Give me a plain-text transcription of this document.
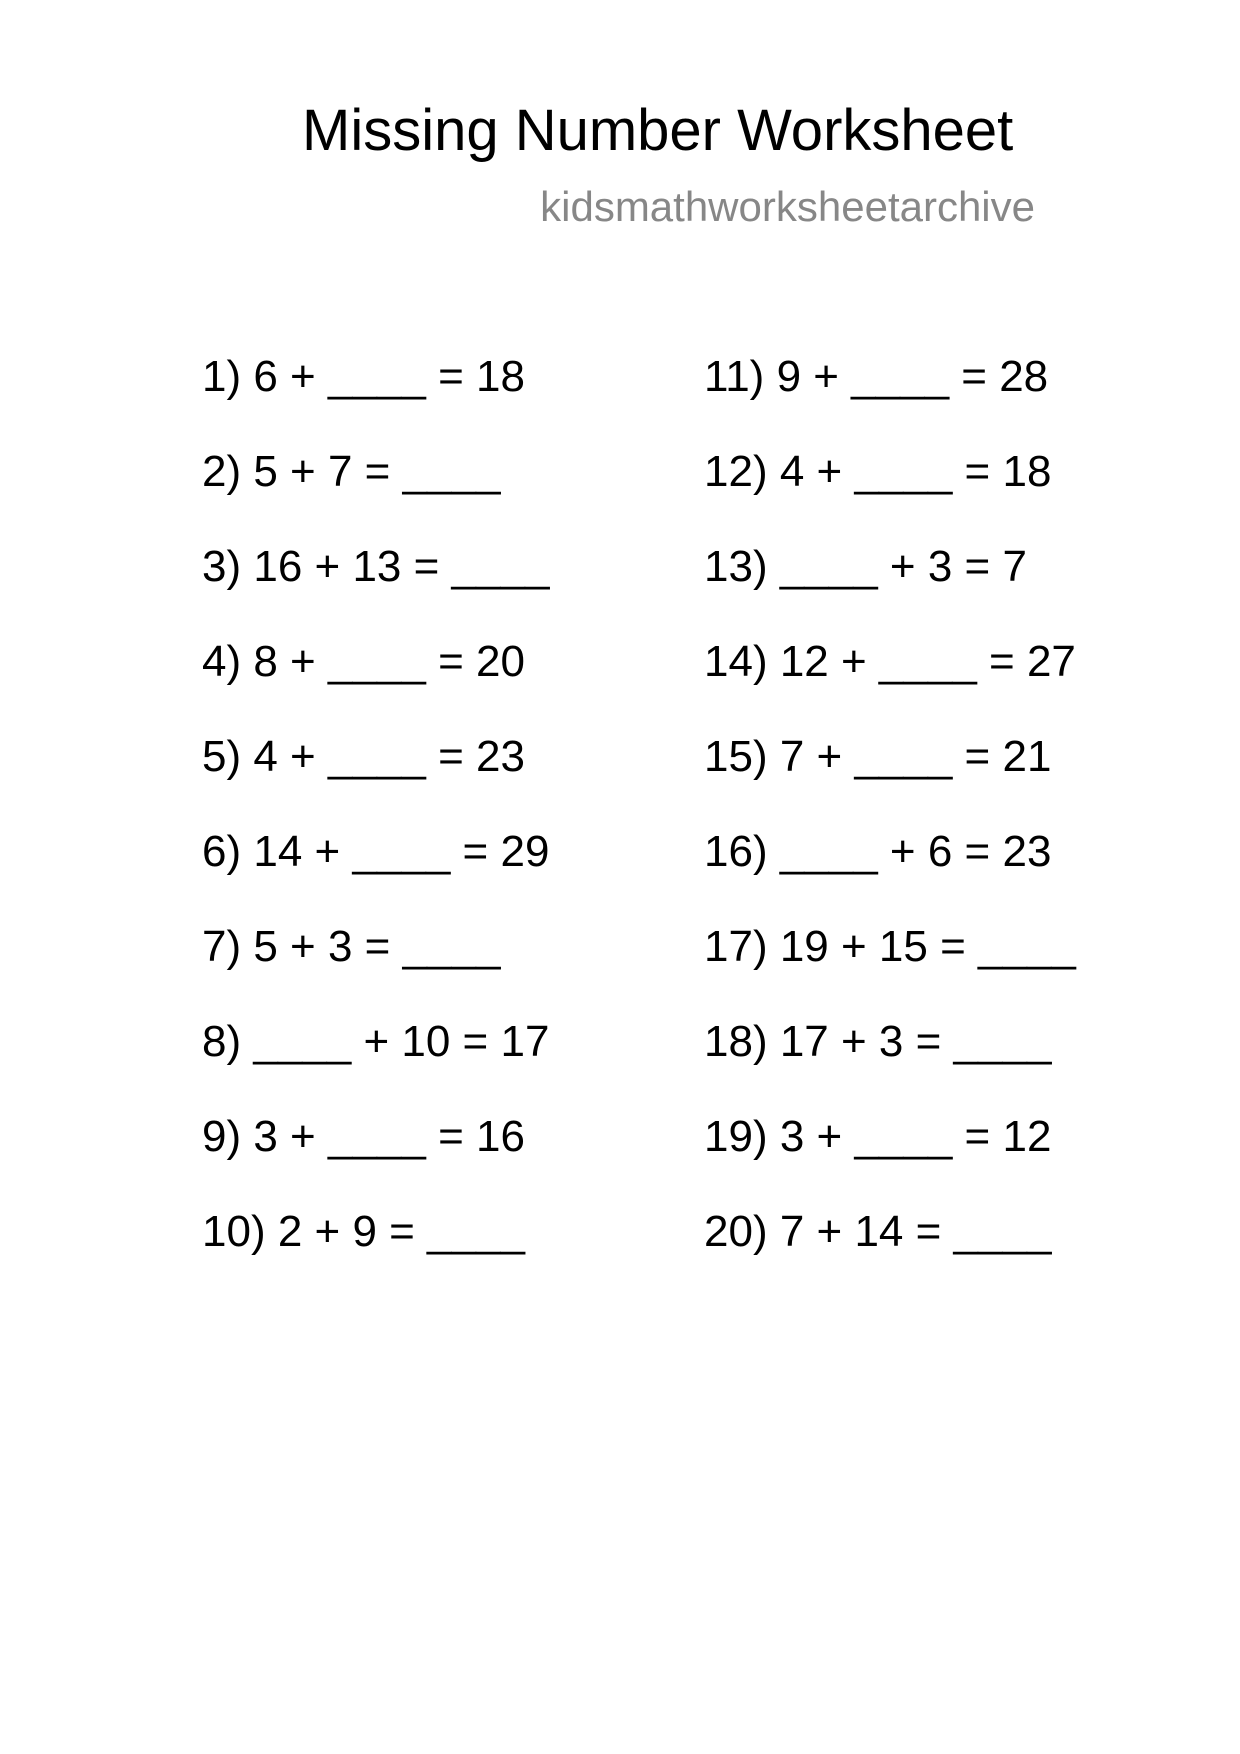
Missing Number Worksheet
kidsmathworksheetarchive
1) 6 + ____ = 18
2) 5 + 7 = ____
3) 16 + 13 = ____
4) 8 + ____ = 20
5) 4 + ____ = 23
6) 14 + ____ = 29
7) 5 + 3 = ____
8) ____ + 10 = 17
9) 3 + ____ = 16
10) 2 + 9 = ____
11) 9 + ____ = 28
12) 4 + ____ = 18
13) ____ + 3 = 7
14) 12 + ____ = 27
15) 7 + ____ = 21
16) ____ + 6 = 23
17) 19 + 15 = ____
18) 17 + 3 = ____
19) 3 + ____ = 12
20) 7 + 14 = ____
